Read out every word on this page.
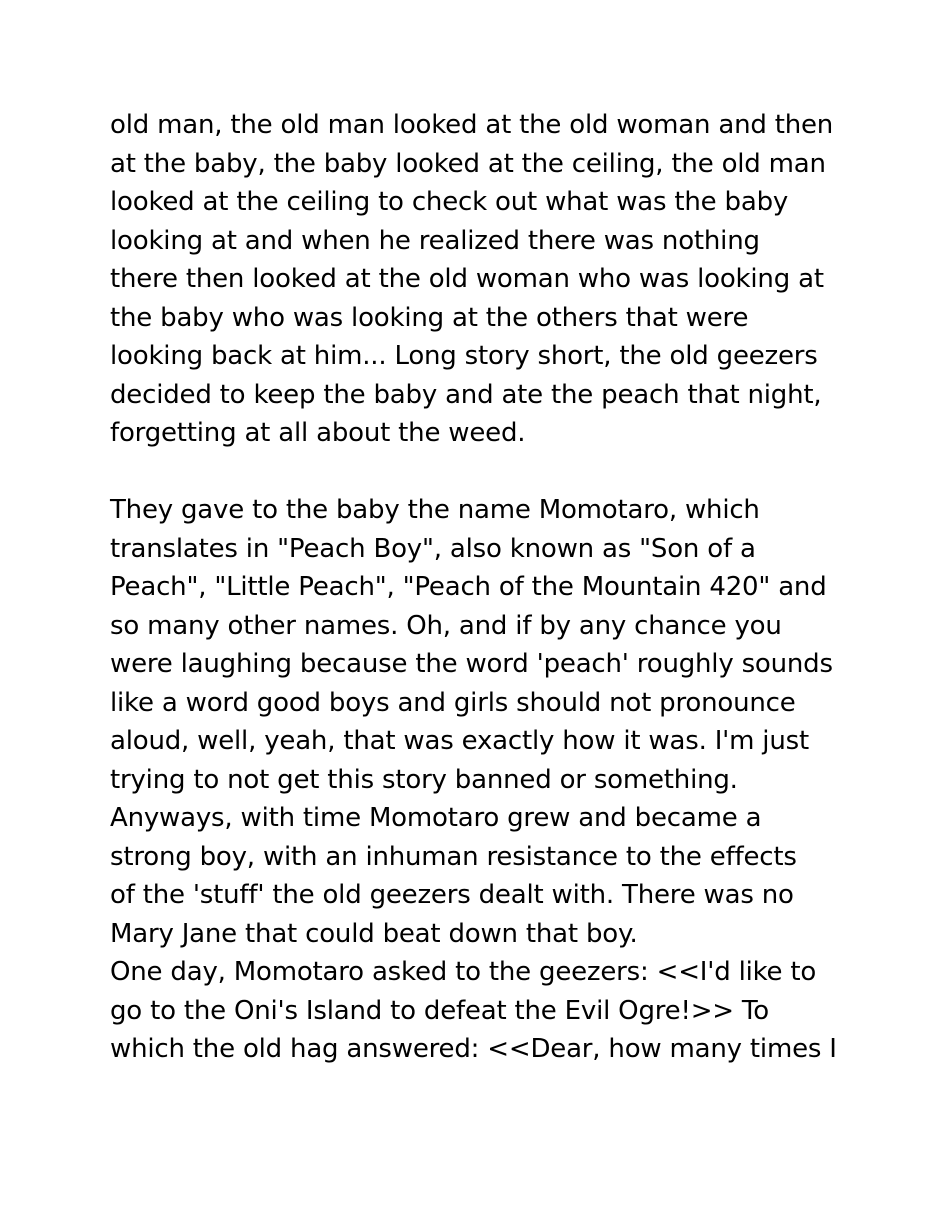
old man, the old man looked at the old woman and then
at the baby, the baby looked at the ceiling, the old man
looked at the ceiling to check out what was the baby
looking at and when he realized there was nothing
there then looked at the old woman who was looking at
the baby who was looking at the others that were
looking back at him... Long story short, the old geezers
decided to keep the baby and ate the peach that night,
forgetting at all about the weed.
They gave to the baby the name Momotaro, which
translates in "Peach Boy", also known as "Son of a
Peach", "Little Peach", "Peach of the Mountain 420" and
so many other names. Oh, and if by any chance you
were laughing because the word 'peach' roughly sounds
like a word good boys and girls should not pronounce
aloud, well, yeah, that was exactly how it was. I'm just
trying to not get this story banned or something.
Anyways, with time Momotaro grew and became a
strong boy, with an inhuman resistance to the effects
of the 'stuff' the old geezers dealt with. There was no
Mary Jane that could beat down that boy.
One day, Momotaro asked to the geezers: <<I'd like to
go to the Oni's Island to defeat the Evil Ogre!>> To
which the old hag answered: <<Dear, how many times I
